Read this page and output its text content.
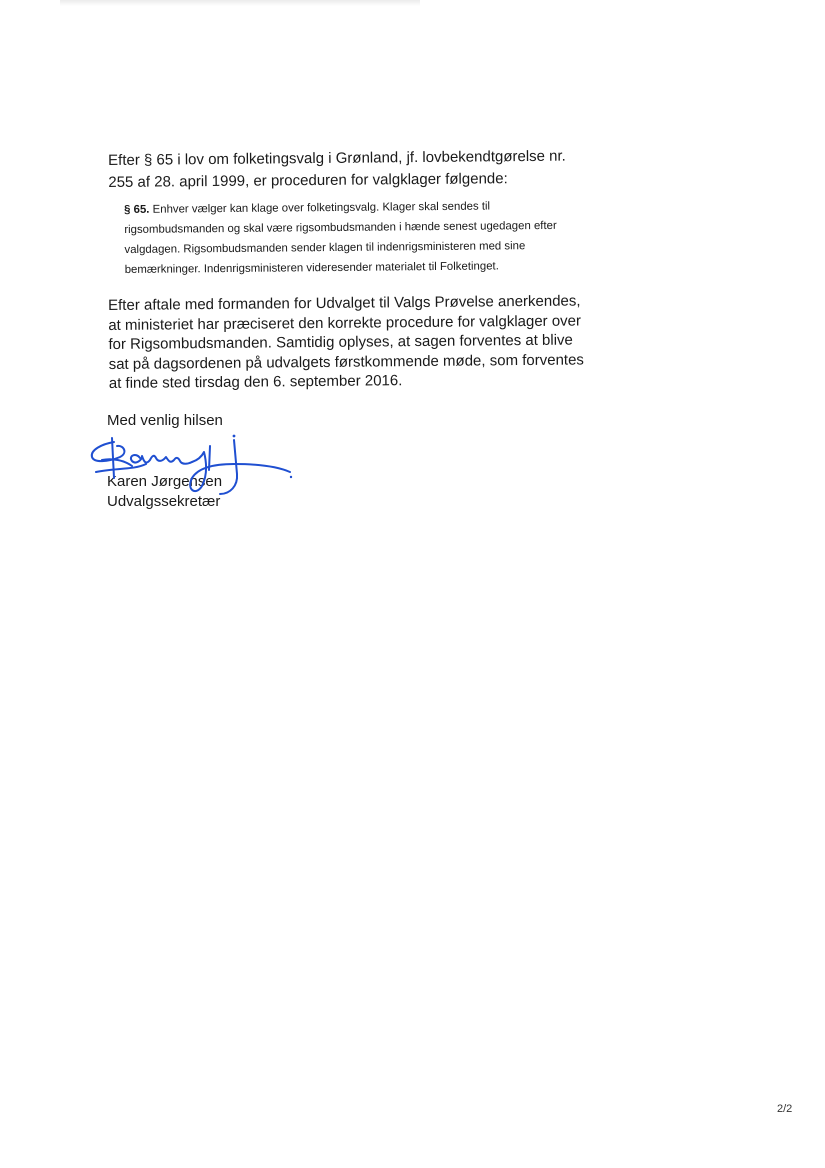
Efter § 65 i lov om folketingsvalg i Grønland, jf. lovbekendtgørelse nr. 255 af 28. april 1999, er proceduren for valgklager følgende:

§ 65. Enhver vælger kan klage over folketingsvalg. Klager skal sendes til rigsombudsmanden og skal være rigsombudsmanden i hænde senest ugedagen efter valgdagen. Rigsombudsmanden sender klagen til indenrigsministeren med sine bemærkninger. Indenrigsministeren videresender materialet til Folketinget.

Efter aftale med formanden for Udvalget til Valgs Prøvelse anerkendes, at ministeriet har præciseret den korrekte procedure for valgklager over for Rigsombudsmanden. Samtidig oplyses, at sagen forventes at blive sat på dagsordenen på udvalgets førstkommende møde, som forventes at finde sted tirsdag den 6. september 2016.

Med venlig hilsen

Karen Jørgensen

Udvalgssekretær

2/2
